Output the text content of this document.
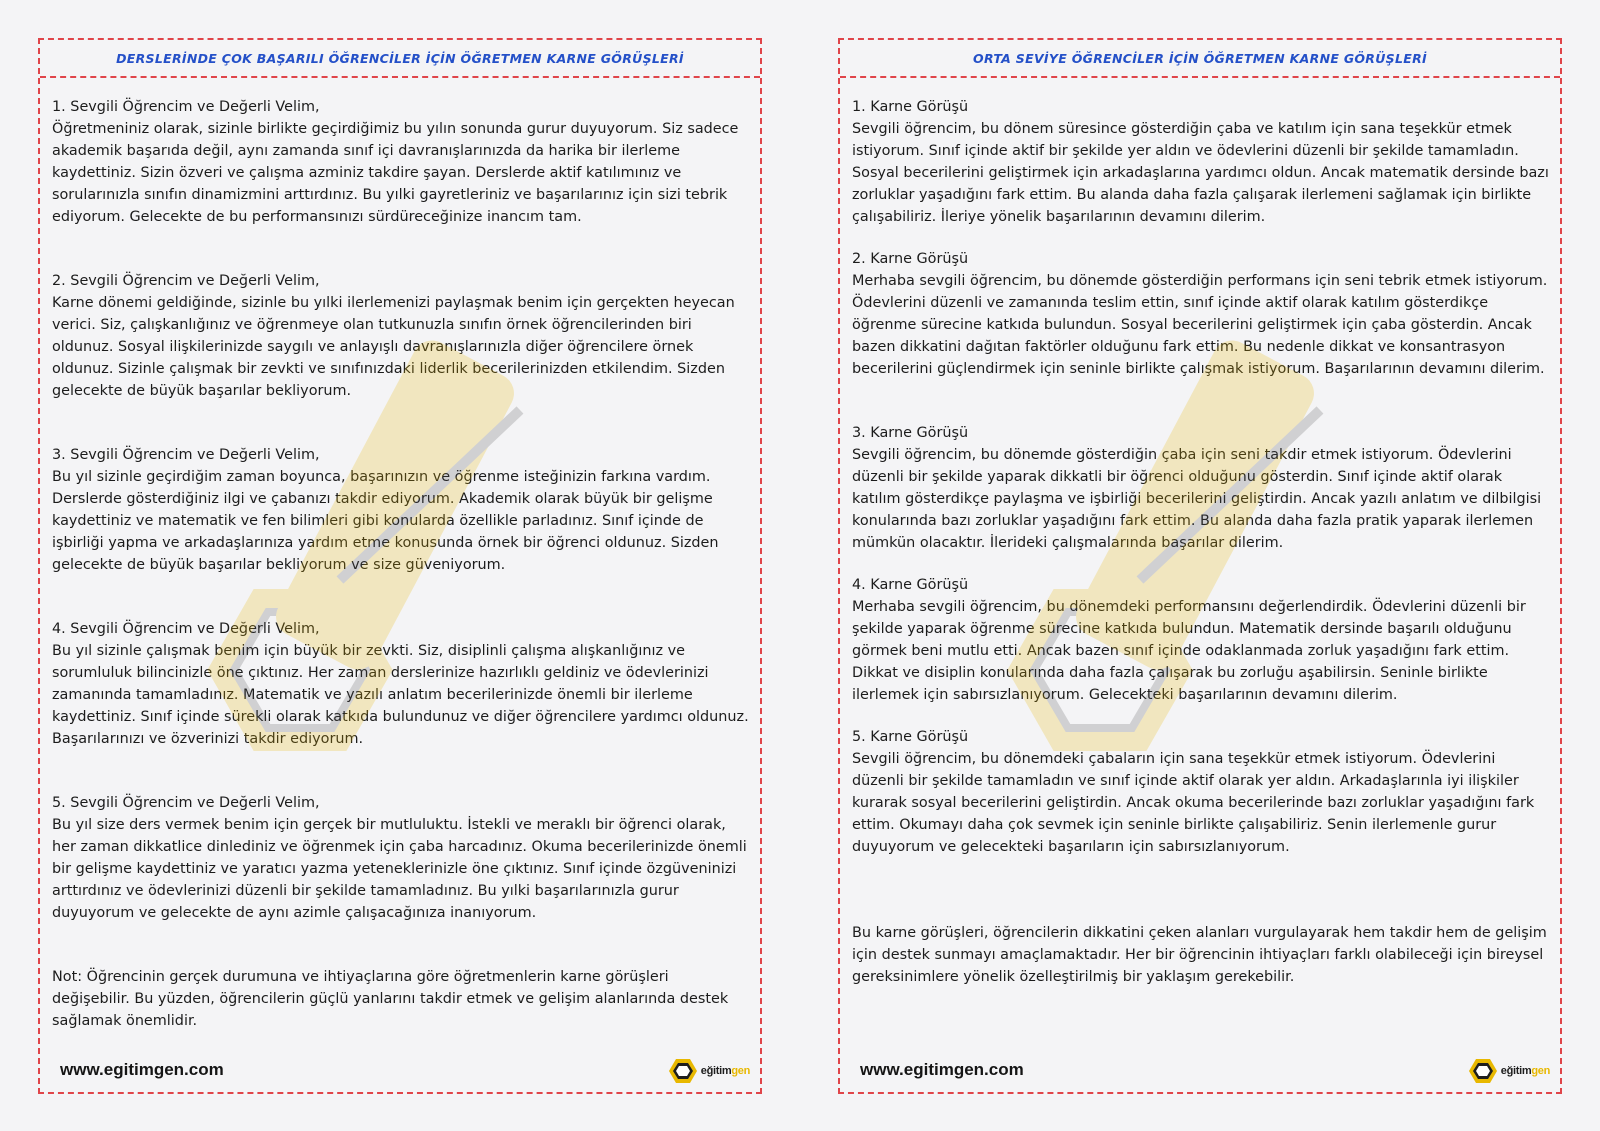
DERSLERİNDE ÇOK BAŞARILI ÖĞRENCİLER İÇİN ÖĞRETMEN KARNE GÖRÜŞLERİ

1. Sevgili Öğrencim ve Değerli Velim,
Öğretmeniniz olarak, sizinle birlikte geçirdiğimiz bu yılın sonunda gurur duyuyorum. Siz sadece akademik başarıda değil, aynı zamanda sınıf içi davranışlarınızda da harika bir ilerleme kaydettiniz. Sizin özveri ve çalışma azminiz takdire şayan. Derslerde aktif katılımınız ve sorularınızla sınıfın dinamizmini arttırdınız. Bu yılki gayretleriniz ve başarılarınız için sizi tebrik ediyorum. Gelecekte de bu performansınızı sürdüreceğinize inancım tam.

2. Sevgili Öğrencim ve Değerli Velim,
Karne dönemi geldiğinde, sizinle bu yılki ilerlemenizi paylaşmak benim için gerçekten heyecan verici. Siz, çalışkanlığınız ve öğrenmeye olan tutkunuzla sınıfın örnek öğrencilerinden biri oldunuz. Sosyal ilişkilerinizde saygılı ve anlayışlı davranışlarınızla diğer öğrencilere örnek oldunuz. Sizinle çalışmak bir zevkti ve sınıfınızdaki liderlik becerilerinizden etkilendim. Sizden gelecekte de büyük başarılar bekliyorum.

3. Sevgili Öğrencim ve Değerli Velim,
Bu yıl sizinle geçirdiğim zaman boyunca, başarınızın ve öğrenme isteğinizin farkına vardım. Derslerde gösterdiğiniz ilgi ve çabanızı takdir ediyorum. Akademik olarak büyük bir gelişme kaydettiniz ve matematik ve fen bilimleri gibi konularda özellikle parladınız. Sınıf içinde de işbirliği yapma ve arkadaşlarınıza yardım etme konusunda örnek bir öğrenci oldunuz. Sizden gelecekte de büyük başarılar bekliyorum ve size güveniyorum.

4. Sevgili Öğrencim ve Değerli Velim,
Bu yıl sizinle çalışmak benim için büyük bir zevkti. Siz, disiplinli çalışma alışkanlığınız ve sorumluluk bilincinizle öne çıktınız. Her zaman derslerinize hazırlıklı geldiniz ve ödevlerinizi zamanında tamamladınız. Matematik ve yazılı anlatım becerilerinizde önemli bir ilerleme kaydettiniz. Sınıf içinde sürekli olarak katkıda bulundunuz ve diğer öğrencilere yardımcı oldunuz. Başarılarınızı ve özverinizi takdir ediyorum.

5. Sevgili Öğrencim ve Değerli Velim,
Bu yıl size ders vermek benim için gerçek bir mutluluktu. İstekli ve meraklı bir öğrenci olarak, her zaman dikkatlice dinlediniz ve öğrenmek için çaba harcadınız. Okuma becerilerinizde önemli bir gelişme kaydettiniz ve yaratıcı yazma yeteneklerinizle öne çıktınız. Sınıf içinde özgüveninizi arttırdınız ve ödevlerinizi düzenli bir şekilde tamamladınız. Bu yılki başarılarınızla gurur duyuyorum ve gelecekte de aynı azimle çalışacağınıza inanıyorum.

Not: Öğrencinin gerçek durumuna ve ihtiyaçlarına göre öğretmenlerin karne görüşleri değişebilir. Bu yüzden, öğrencilerin güçlü yanlarını takdir etmek ve gelişim alanlarında destek sağlamak önemlidir.

www.egitimgen.com	eğitimgen
ORTA SEVİYE ÖĞRENCİLER İÇİN ÖĞRETMEN KARNE GÖRÜŞLERİ

1. Karne Görüşü
Sevgili öğrencim, bu dönem süresince gösterdiğin çaba ve katılım için sana teşekkür etmek istiyorum. Sınıf içinde aktif bir şekilde yer aldın ve ödevlerini düzenli bir şekilde tamamladın. Sosyal becerilerini geliştirmek için arkadaşlarına yardımcı oldun. Ancak matematik dersinde bazı zorluklar yaşadığını fark ettim. Bu alanda daha fazla çalışarak ilerlemeni sağlamak için birlikte çalışabiliriz. İleriye yönelik başarılarının devamını dilerim.

2. Karne Görüşü
Merhaba sevgili öğrencim, bu dönemde gösterdiğin performans için seni tebrik etmek istiyorum. Ödevlerini düzenli ve zamanında teslim ettin, sınıf içinde aktif olarak katılım gösterdikçe öğrenme sürecine katkıda bulundun. Sosyal becerilerini geliştirmek için çaba gösterdin. Ancak bazen dikkatini dağıtan faktörler olduğunu fark ettim. Bu nedenle dikkat ve konsantrasyon becerilerini güçlendirmek için seninle birlikte çalışmak istiyorum. Başarılarının devamını dilerim.

3. Karne Görüşü
Sevgili öğrencim, bu dönemde gösterdiğin çaba için seni takdir etmek istiyorum. Ödevlerini düzenli bir şekilde yaparak dikkatli bir öğrenci olduğunu gösterdin. Sınıf içinde aktif olarak katılım gösterdikçe paylaşma ve işbirliği becerilerini geliştirdin. Ancak yazılı anlatım ve dilbilgisi konularında bazı zorluklar yaşadığını fark ettim. Bu alanda daha fazla pratik yaparak ilerlemen mümkün olacaktır. İlerideki çalışmalarında başarılar dilerim.

4. Karne Görüşü
Merhaba sevgili öğrencim, bu dönemdeki performansını değerlendirdik. Ödevlerini düzenli bir şekilde yaparak öğrenme sürecine katkıda bulundun. Matematik dersinde başarılı olduğunu görmek beni mutlu etti. Ancak bazen sınıf içinde odaklanmada zorluk yaşadığını fark ettim. Dikkat ve disiplin konularında daha fazla çalışarak bu zorluğu aşabilirsin. Seninle birlikte ilerlemek için sabırsızlanıyorum. Gelecekteki başarılarının devamını dilerim.

5. Karne Görüşü
Sevgili öğrencim, bu dönemdeki çabaların için sana teşekkür etmek istiyorum. Ödevlerini düzenli bir şekilde tamamladın ve sınıf içinde aktif olarak yer aldın. Arkadaşlarınla iyi ilişkiler kurarak sosyal becerilerini geliştirdin. Ancak okuma becerilerinde bazı zorluklar yaşadığını fark ettim. Okumayı daha çok sevmek için seninle birlikte çalışabiliriz. Senin ilerlemenle gurur duyuyorum ve gelecekteki başarıların için sabırsızlanıyorum.

Bu karne görüşleri, öğrencilerin dikkatini çeken alanları vurgulayarak hem takdir hem de gelişim için destek sunmayı amaçlamaktadır. Her bir öğrencinin ihtiyaçları farklı olabileceği için bireysel gereksinimlere yönelik özelleştirilmiş bir yaklaşım gerekebilir.

www.egitimgen.com	eğitimgen
